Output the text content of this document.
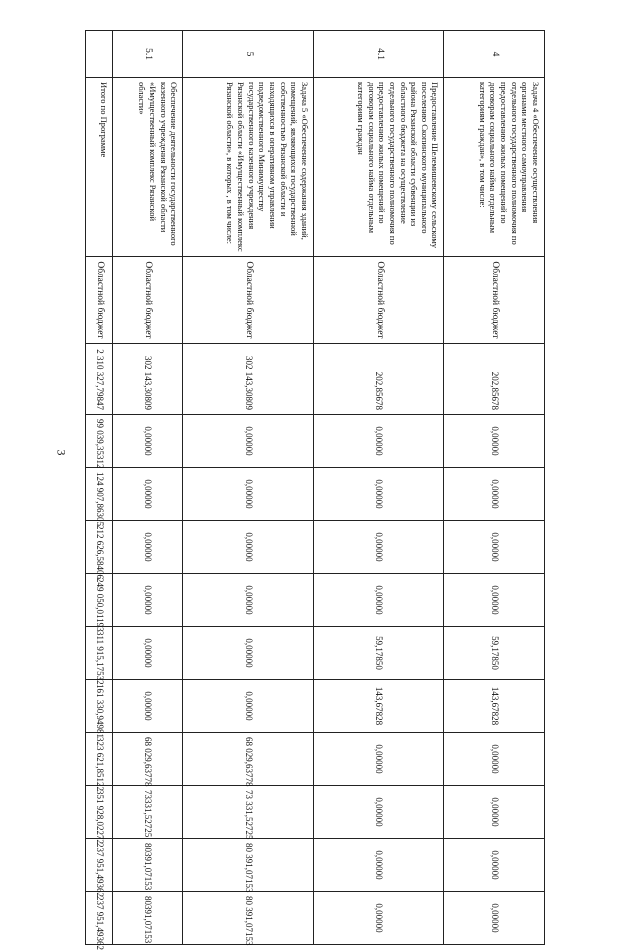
3
4	Задача 4 «Обеспечение осуществления органами местного самоуправления отдельного государственного полномочия по предоставлению жилых помещений по договорам социального найма отдельным категориям граждан», в том числе:	Областной бюджет	202,85678	0,00000	0,00000	0,00000	0,00000	59,17850	143,67828	0,00000	0,00000	0,00000	0,00000
4.1	Предоставление Шелемишевскому сельскому поселению Скопинского муниципального района Рязанской области субвенции из областного бюджета на осуществление отдельного государственного полномочия по предоставлению жилых помещений по договорам социального найма отдельным категориям граждан	Областной бюджет	202,85678	0,00000	0,00000	0,00000	0,00000	59,17850	143,67828	0,00000	0,00000	0,00000	0,00000
5	Задача 5 «Обеспечение содержания зданий, помещений, являющихся государственной собственностью Рязанской области и находящихся в оперативном управлении подведомственного Минимуществу государственного казенного учреждения Рязанской области «Имущественный комплекс Рязанской области», в которых , в том числе:	Областной бюджет	302 143,30809	0,00000	0,00000	0,00000	0,00000	0,00000	0,00000	68 029,63778	73 331,52725	80 391,07153	80 391,07153
5.1	Обеспечение деятельности государственного казенного учреждения Рязанской области «Имущественный комплекс Рязанской области»	Областной бюджет	302 143,30809	0,00000	0,00000	0,00000	0,00000	0,00000	0,00000	68 029,63778	73331,52725	80391,07153	80391,07153
	Итого по Программе	Областной бюджет	2 310 327,79847	99 039,35312	124 907,86305	212 626,58406	249 050,01193	311 915,17532	161 330,94981	323 621,85122	351 928,02272	237 951,49362	237 951,49362
